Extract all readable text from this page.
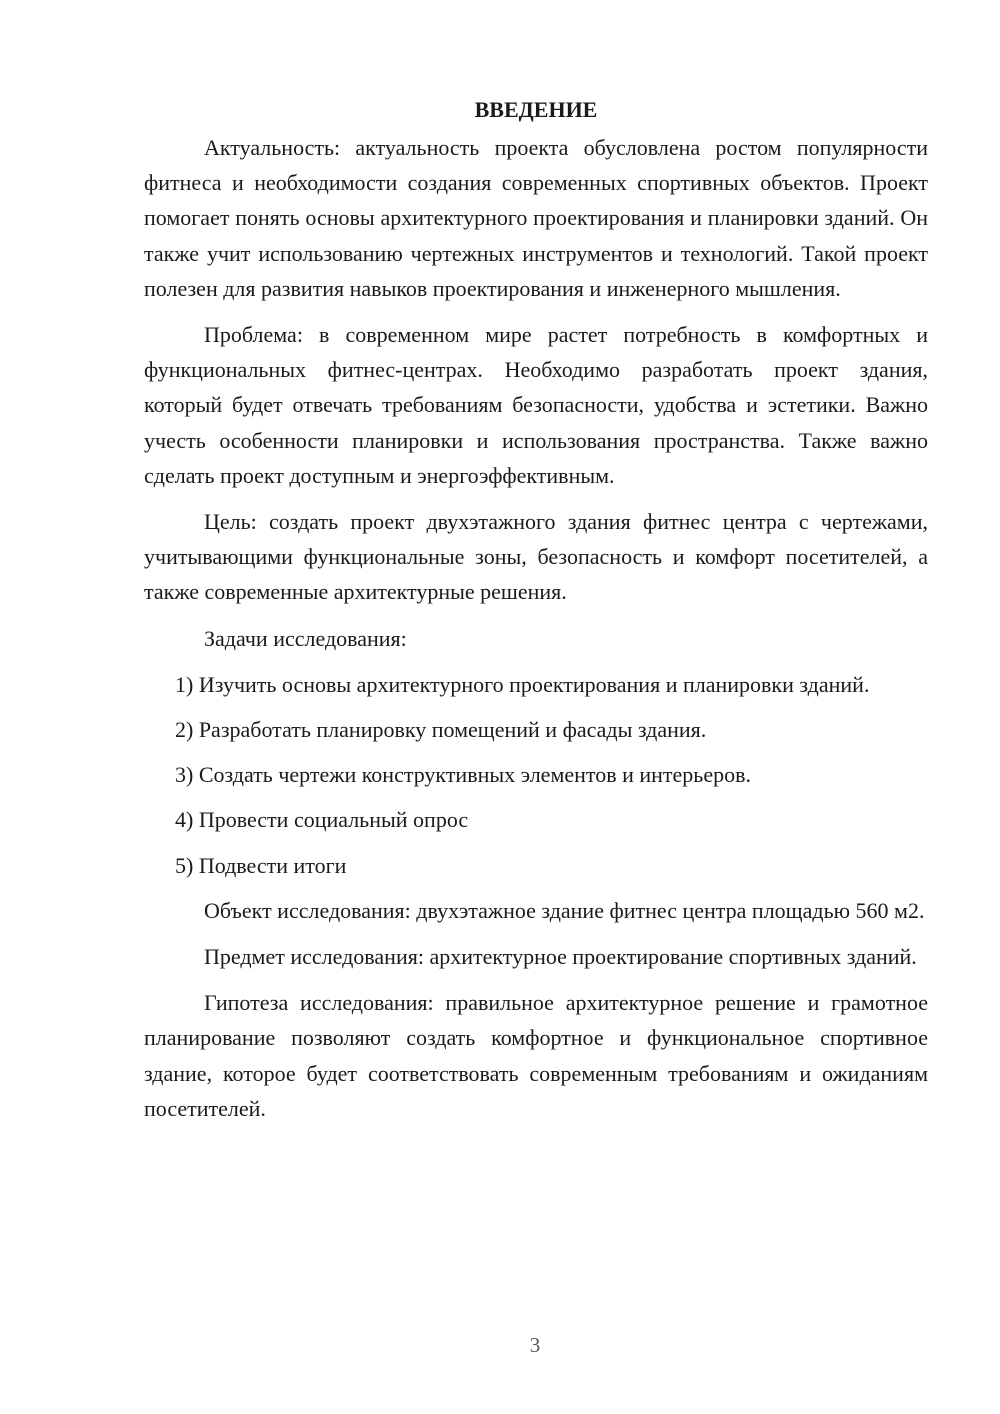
ВВЕДЕНИЕ

Актуальность: актуальность проекта обусловлена ростом популярности фитнеса и необходимости создания современных спортивных объектов. Проект помогает понять основы архитектурного проектирования и планировки зданий. Он также учит использованию чертежных инструментов и технологий. Такой проект полезен для развития навыков проектирования и инженерного мышления.

Проблема: в современном мире растет потребность в комфортных и функциональных фитнес-центрах. Необходимо разработать проект здания, который будет отвечать требованиям безопасности, удобства и эстетики. Важно учесть особенности планировки и использования пространства. Также важно сделать проект доступным и энергоэффективным.

Цель: создать проект двухэтажного здания фитнес центра с чертежами, учитывающими функциональные зоны, безопасность и комфорт посетителей, а также современные архитектурные решения.

Задачи исследования:

1) Изучить основы архитектурного проектирования и планировки зданий.

2) Разработать планировку помещений и фасады здания.

3) Создать чертежи конструктивных элементов и интерьеров.

4) Провести социальный опрос

5) Подвести итоги

Объект исследования: двухэтажное здание фитнес центра площадью 560 м2.

Предмет исследования: архитектурное проектирование спортивных зданий.

Гипотеза исследования: правильное архитектурное решение и грамотное планирование позволяют создать комфортное и функциональное спортивное здание, которое будет соответствовать современным требованиям и ожиданиям посетителей.

3
